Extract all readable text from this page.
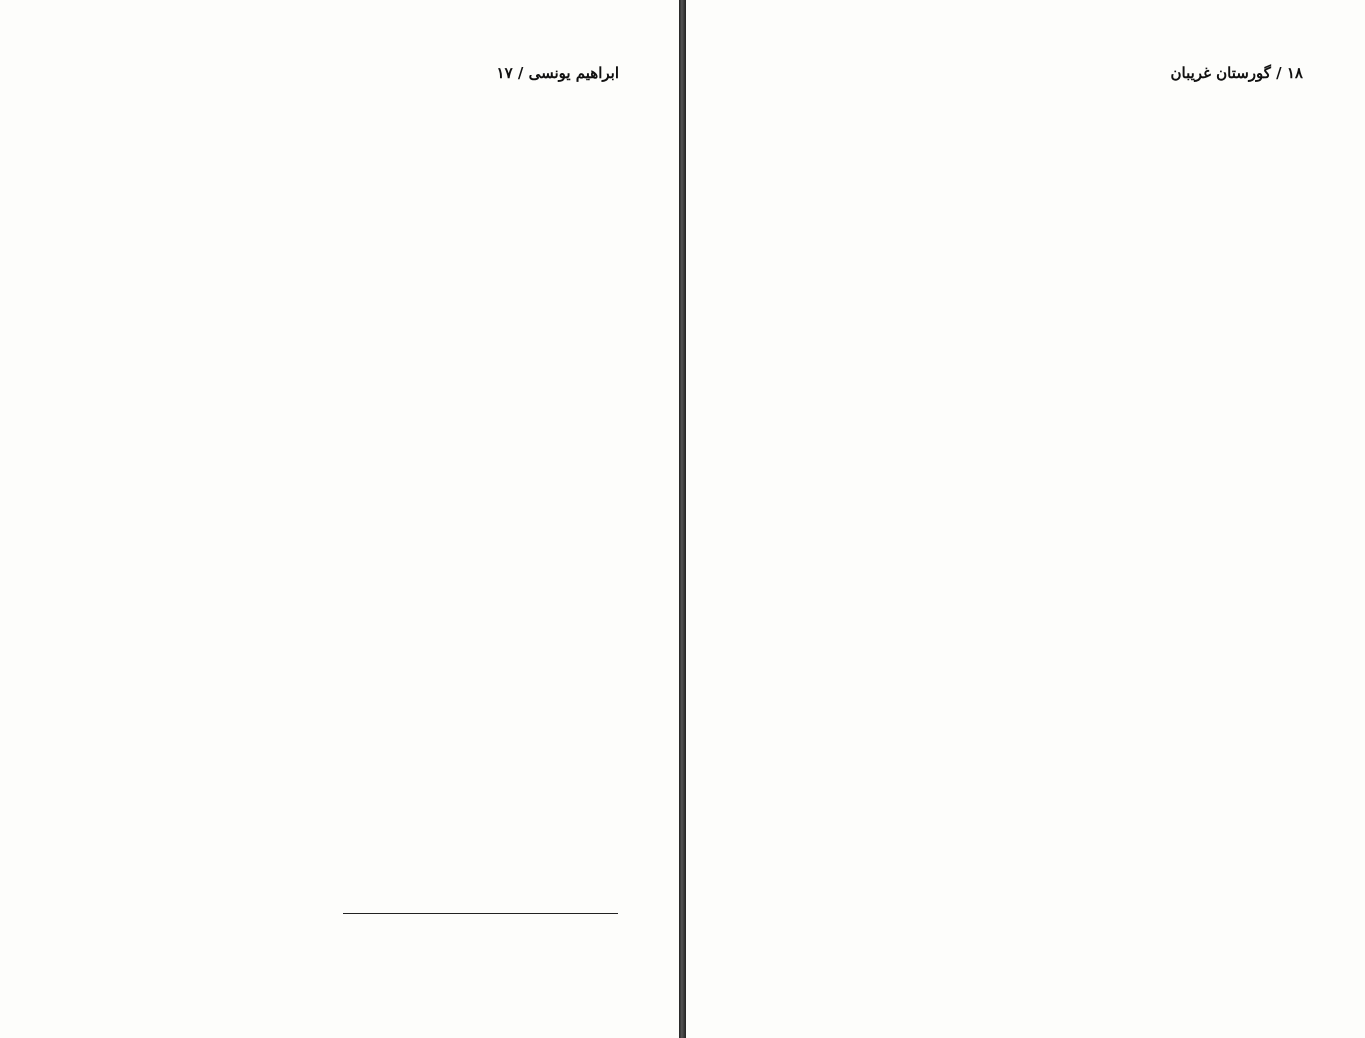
ابراهیم یونسی / ۱۷	۱۸ / گورستان غریبان
